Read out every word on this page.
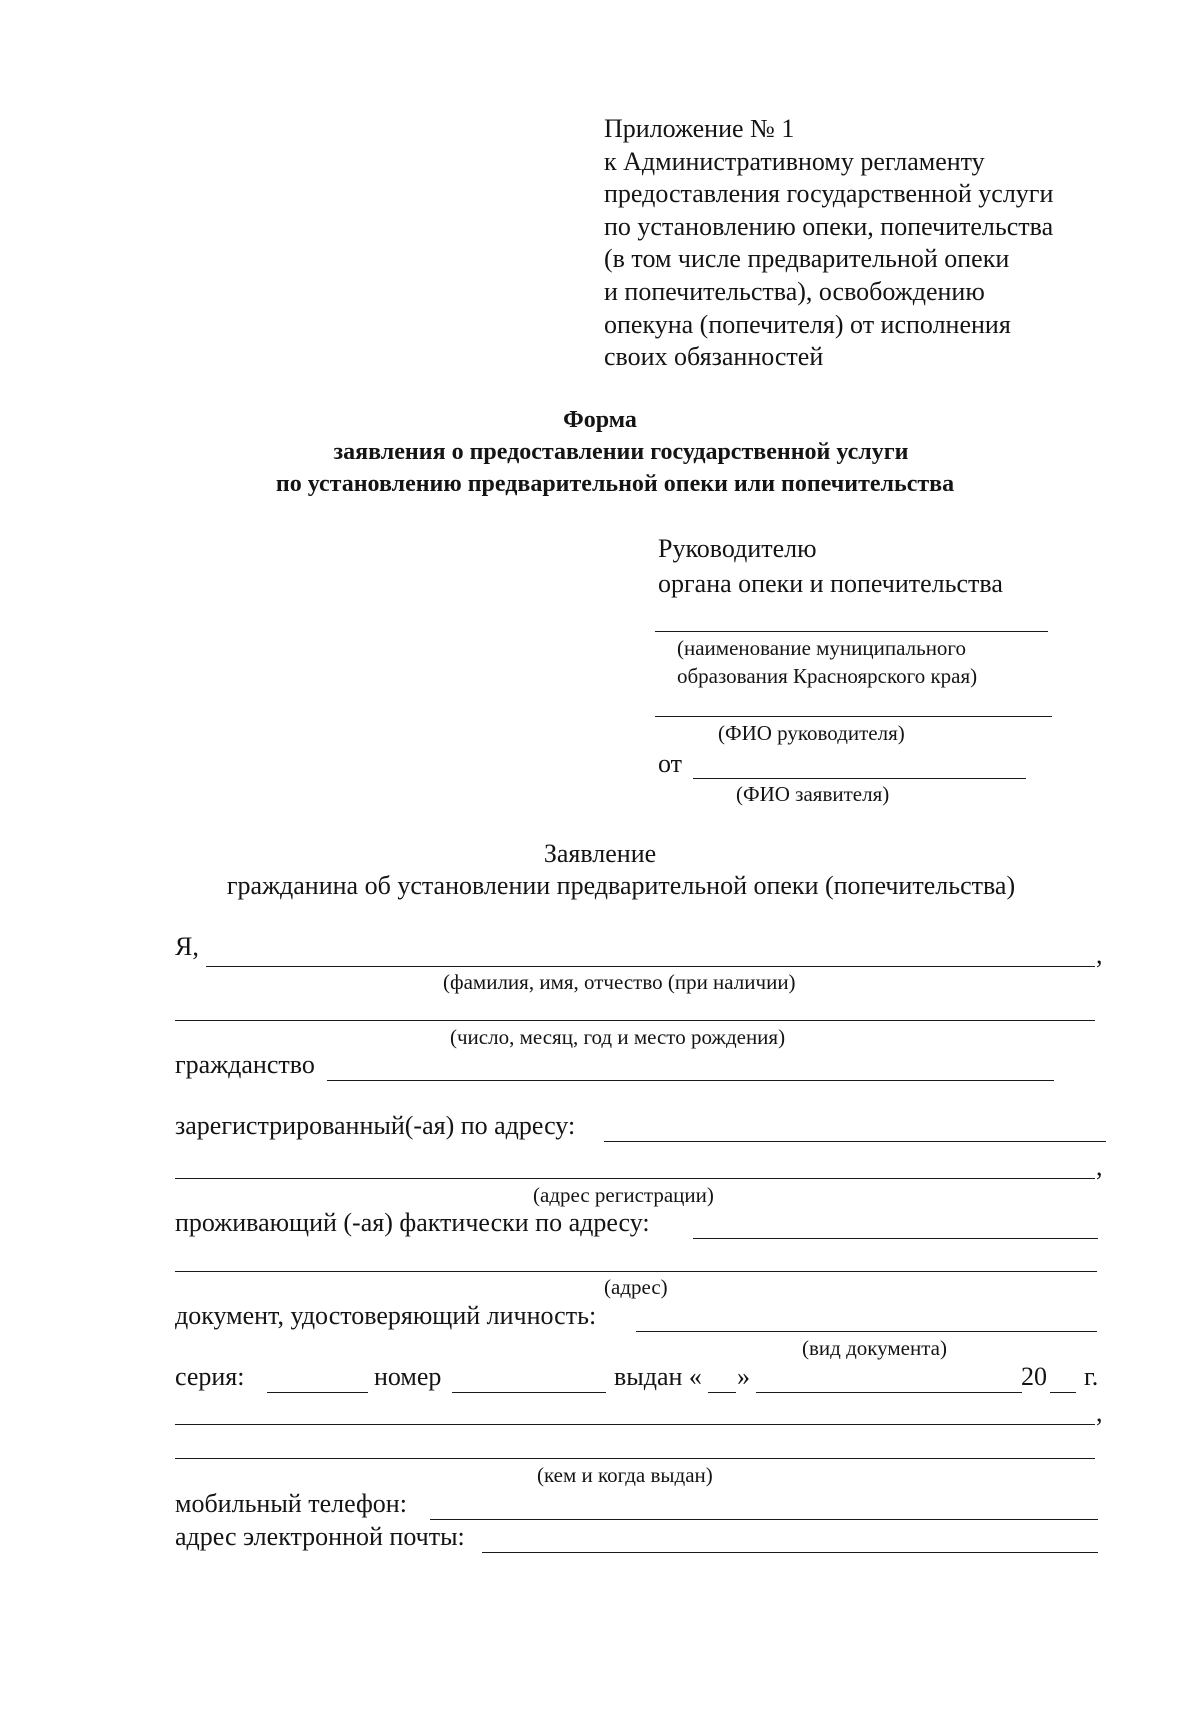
Приложение № 1
к Административному регламенту
предоставления государственной услуги
по установлению опеки, попечительства
(в том числе предварительной опеки
и попечительства), освобождению
опекуна (попечителя) от исполнения
своих обязанностей
Форма
заявления о предоставлении государственной услуги
по установлению предварительной опеки или попечительства
Руководителю
органа опеки и попечительства
(наименование муниципального
образования Красноярского края)
(ФИО руководителя)
от
(ФИО заявителя)
Заявление
гражданина об установлении предварительной опеки (попечительства)
Я,	,
(фамилия, имя, отчество (при наличии)
(число, месяц, год и место рождения)
гражданство
зарегистрированный(-ая) по адресу:
,
(адрес регистрации)
проживающий (-ая) фактически по адресу:
(адрес)
документ, удостоверяющий личность:
(вид документа)
серия:	номер	выдан « »	20 г.
,
(кем и когда выдан)
мобильный телефон:
адрес электронной почты:
